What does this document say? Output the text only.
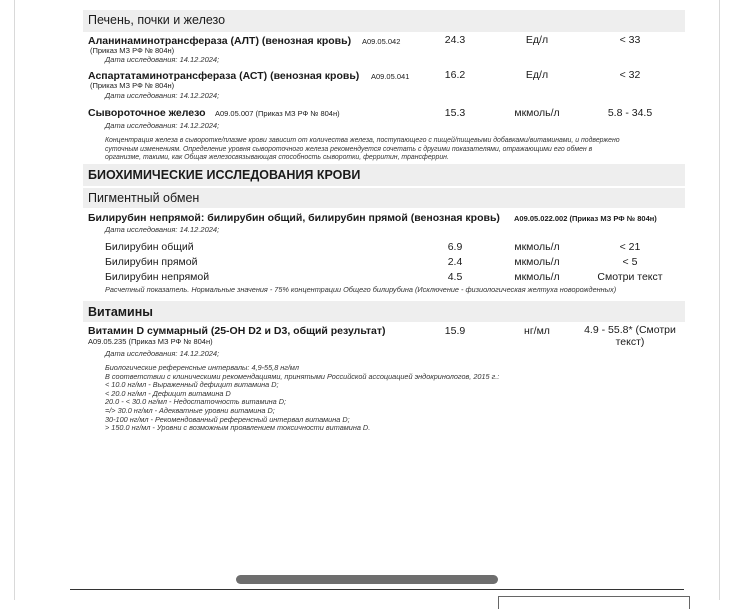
Печень, почки и железо
Аланинаминотрансфераза (АЛТ) (венозная кровь) A09.05.042
(Приказ МЗ РФ № 804н)
Дата исследования: 14.12.2024;
24.3	Ед/л	< 33
Аспартатаминотрансфераза (АСТ) (венозная кровь) A09.05.041
(Приказ МЗ РФ № 804н)
Дата исследования: 14.12.2024;
16.2	Ед/л	< 32
Сывороточное железо A09.05.007 (Приказ МЗ РФ № 804н)
Дата исследования: 14.12.2024;
15.3	мкмоль/л	5.8 - 34.5
Концентрация железа в сыворотке/плазме крови зависит от количества железа, поступающего с пищей/пищевыми добавками/витаминами, и подвержено
суточным изменениям. Определение уровня сывороточного железа рекомендуется сочетать с другими показателями, отражающими его обмен в
организме, такими, как Общая железосвязывающая способность сыворотки, ферритин, трансферрин.
БИОХИМИЧЕСКИЕ ИССЛЕДОВАНИЯ КРОВИ
Пигментный обмен
Билирубин непрямой: билирубин общий, билирубин прямой (венозная кровь) A09.05.022.002 (Приказ МЗ РФ № 804н)
Дата исследования: 14.12.2024;
Билирубин общий	6.9	мкмоль/л	< 21
Билирубин прямой	2.4	мкмоль/л	< 5
Билирубин непрямой	4.5	мкмоль/л	Смотри текст
Расчетный показатель. Нормальные значения - 75% концентрации Общего билирубина (Исключение - физиологическая желтуха новорожденных)
Витамины
Витамин D суммарный (25-ОН D2 и D3, общий результат)
A09.05.235 (Приказ МЗ РФ № 804н)
Дата исследования: 14.12.2024;
15.9	нг/мл	4.9 - 55.8* (Смотри
текст)
Биологические референсные интервалы: 4,9-55,8 нг/мл
В соответствии с клиническими рекомендациями, принятыми Российской ассоциацией эндокринологов, 2015 г.:
< 10.0 нг/мл - Выраженный дефицит витамина D;
< 20.0 нг/мл - Дефицит витамина D
20.0 - < 30.0 нг/мл - Недостаточность витамина D;
=/> 30.0 нг/мл - Адекватные уровни витамина D;
30-100 нг/мл - Рекомендованный референсный интервал витамина D;
> 150.0 нг/мл - Уровни с возможным проявлением токсичности витамина D.
